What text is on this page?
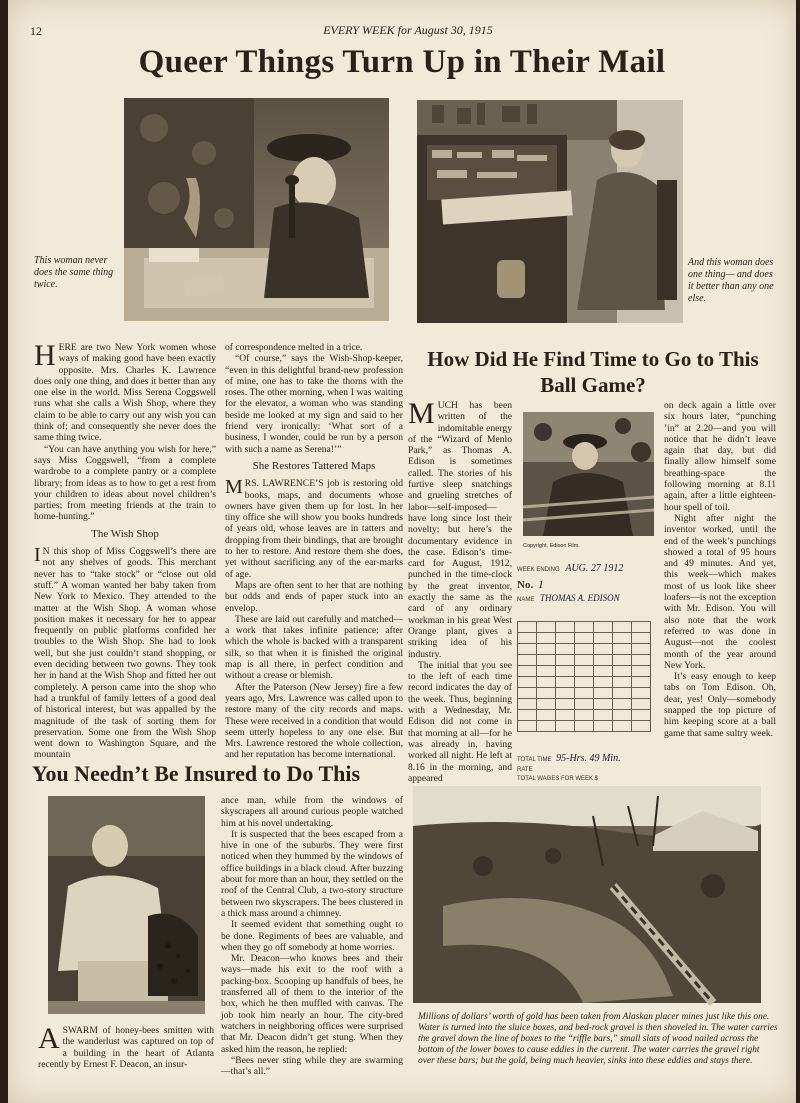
12	EVERY WEEK for August 30, 1915
Queer Things Turn Up in Their Mail
This woman never does the same thing twice.
And this woman does one thing— and does it better than any one else.

HERE are two New York women whose ways of making good have been exactly opposite. Mrs. Charles K. Lawrence does only one thing, and does it better than any one else in the world. Miss Serena Coggswell runs what she calls a Wish Shop, where they claim to be able to carry out any wish you can think of; and consequently she never does the same thing twice.

“You can have anything you wish for here,” says Miss Coggswell, “from a complete wardrobe to a complete pantry or a complete library; from ideas as to how to get a rest from your children to ideas about novel children’s parties; from meeting friends at the train to home-hunting.”

The Wish Shop

I N this shop of Miss Coggswell’s there are not any shelves of goods. This merchant never has to “take stock” or “close out old stuff.” A woman wanted her baby taken from New York to Mexico. They attended to the matter at the Wish Shop. A woman whose position makes it necessary for her to appear frequently on public platforms confided her troubles to the Wish Shop. She had to look well, but she just couldn’t stand shopping, or even deciding between two gowns. They took her in hand at the Wish Shop and fitted her out completely. A person came into the shop who had a trunkful of family letters of a good deal of historical interest, but was appalled by the magnitude of the task of sorting them for preservation. Some one from the Wish Shop went down to Washington Square, and the mountain

of correspondence melted in a trice.

“Of course,” says the Wish-Shop-keeper, “even in this delightful brand-new profession of mine, one has to take the thorns with the roses. The other morning, when I was waiting for the elevator, a woman who was standing beside me looked at my sign and said to her friend very ironically: ‘What sort of a business, I wonder, could be run by a person with such a name as Serena!’”

She Restores Tattered Maps

MRS. LAWRENCE’S job is restoring old books, maps, and documents whose owners have given them up for lost. In her tiny office she will show you books hundreds of years old, whose leaves are in tatters and dropping from their bindings, that are brought to her to restore. And restore them she does, yet without sacrificing any of the ear-marks of age.

Maps are often sent to her that are nothing but odds and ends of paper stuck into an envelop.

These are laid out carefully and matched—a work that takes infinite patience; after which the whole is backed with a transparent silk, so that when it is finished the original map is all there, in perfect condition and without a crease or blemish.

After the Paterson (New Jersey) fire a few years ago, Mrs. Lawrence was called upon to restore many of the city records and maps. These were received in a condition that would seem utterly hopeless to any one else. But Mrs. Lawrence restored the whole collection, and her reputation has become international.

How Did He Find Time to Go to This Ball Game?

MUCH has been written of the indomitable energy of the “Wizard of Menlo Park,” as Thomas A. Edison is sometimes called. The stories of his furtive sleep snatchings and grueling stretches of labor—self-imposed—have long since lost their novelty; but here’s the documentary evidence in the case. Edison’s time-card for August, 1912, punched in the time-clock by the great inventor, exactly the same as the card of any ordinary workman in his great West Orange plant, gives a striking idea of his industry.

The initial that you see to the left of each time record indicates the day of the week. Thus, beginning with a Wednesday, Mr. Edison did not come in that morning at all—for he was already in, having worked all night. He left at 8.16 in the morning, and appeared

Copyright, Edison Film.
WEEK ENDING AUG. 27 1912
No. 1
NAME THOMAS A. EDISON

TOTAL TIME 95-Hrs. 49 Min.
RATE
TOTAL WAGES FOR WEEK $

on deck again a little over six hours later, “punching ’in” at 2.20—and you will notice that he didn’t leave again that day, but did finally allow himself some breathing-space the following morning at 8.11 again, after a little eighteen-hour spell of toil.

Night after night the inventor worked, until the end of the week’s punchings showed a total of 95 hours and 49 minutes. And yet, this week—which makes most of us look like sheer loafers—is not the exception with Mr. Edison. You will also note that the work referred to was done in August—not the coolest month of the year around New York.

It’s easy enough to keep tabs on Tom Edison. Oh, dear, yes! Only—somebody snapped the top picture of him keeping score at a ball game that same sultry week.

You Needn’t Be Insured to Do This

ASWARM of honey-bees smitten with the wanderlust was captured on top of a building in the heart of Atlanta recently by Ernest F. Deacon, an insur-

ance man, while from the windows of skyscrapers all around curious people watched him at his novel undertaking.

It is suspected that the bees escaped from a hive in one of the suburbs. They were first noticed when they hummed by the windows of office buildings in a black cloud. After buzzing about for more than an hour, they settled on the roof of the Central Club, a two-story structure between two skyscrapers. The bees clustered in a thick mass around a chimney.

It seemed evident that something ought to be done. Regiments of bees are valuable, and when they go off somebody at home worries.

Mr. Deacon—who knows bees and their ways—made his exit to the roof with a packing-box. Scooping up handfuls of bees, he transferred all of them to the interior of the box, which he then muffled with canvas. The job took him nearly an hour. The city-bred watchers in neighboring offices were surprised that Mr. Deacon didn’t get stung. When they asked him the reason, he replied:

“Bees never sting while they are swarming—that’s all.”

Millions of dollars’ worth of gold has been taken from Alaskan placer mines just like this one. Water is turned into the sluice boxes, and bed-rock gravel is then shoveled in. The water carries the gravel down the line of boxes to the “riffle bars,” small slats of wood nailed across the bottom of the lower boxes to cause eddies in the current. The water carries the gravel right over these bars; but the gold, being much heavier, sinks into these eddies and stays there.
